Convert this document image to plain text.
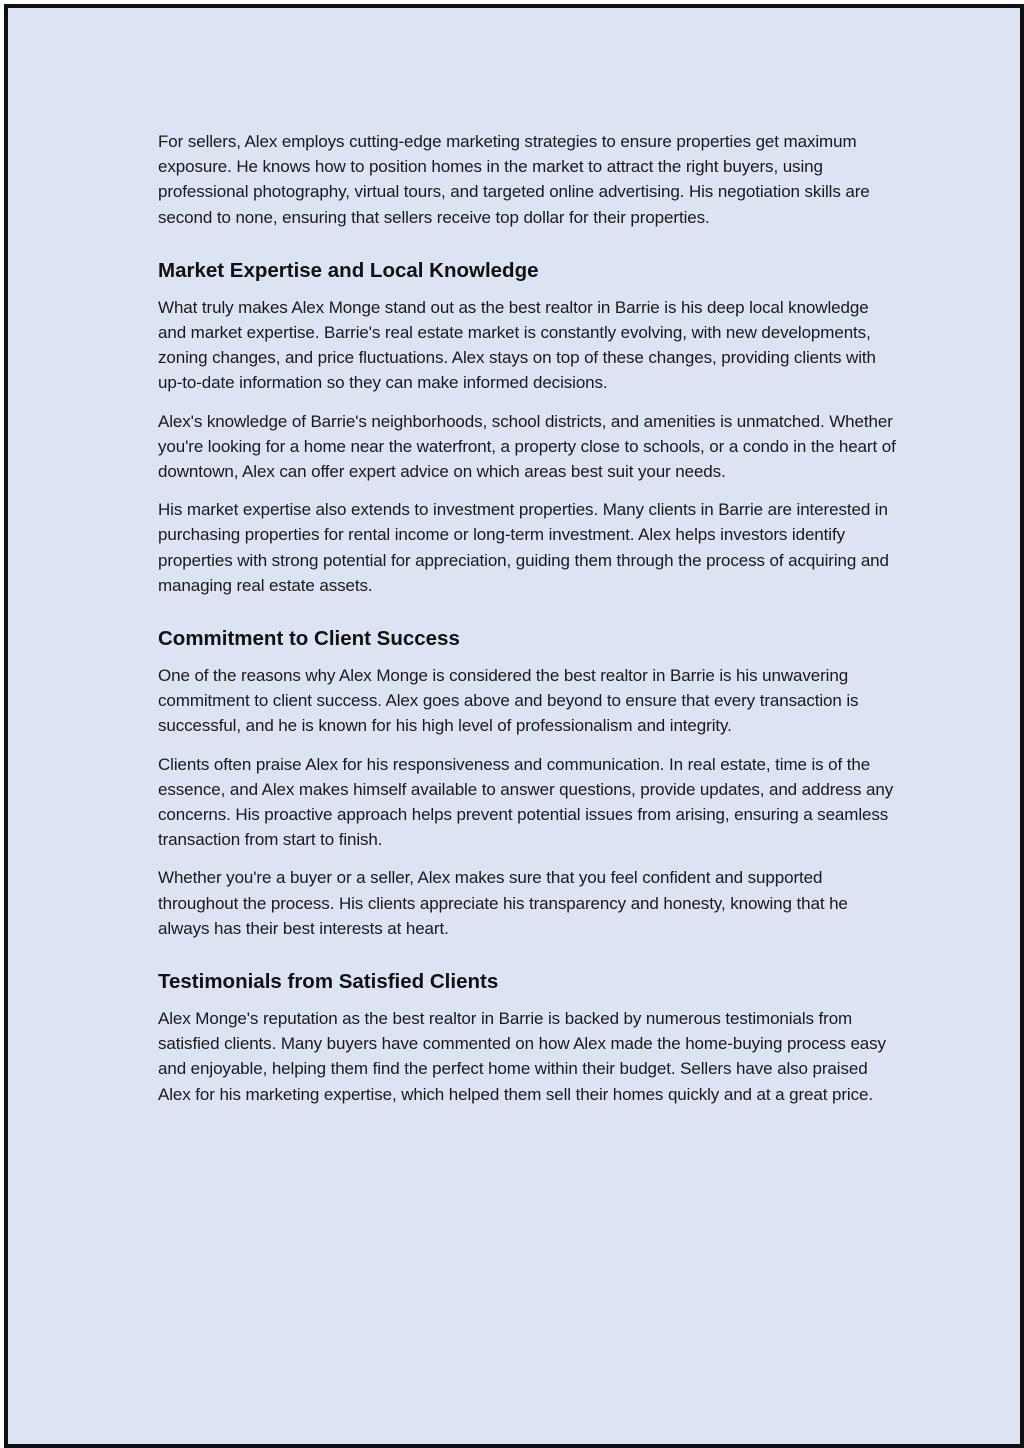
For sellers, Alex employs cutting-edge marketing strategies to ensure properties get maximum exposure. He knows how to position homes in the market to attract the right buyers, using professional photography, virtual tours, and targeted online advertising. His negotiation skills are second to none, ensuring that sellers receive top dollar for their properties.

Market Expertise and Local Knowledge

What truly makes Alex Monge stand out as the best realtor in Barrie is his deep local knowledge and market expertise. Barrie's real estate market is constantly evolving, with new developments, zoning changes, and price fluctuations. Alex stays on top of these changes, providing clients with up-to-date information so they can make informed decisions.

Alex's knowledge of Barrie's neighborhoods, school districts, and amenities is unmatched. Whether you're looking for a home near the waterfront, a property close to schools, or a condo in the heart of downtown, Alex can offer expert advice on which areas best suit your needs.

His market expertise also extends to investment properties. Many clients in Barrie are interested in purchasing properties for rental income or long-term investment. Alex helps investors identify properties with strong potential for appreciation, guiding them through the process of acquiring and managing real estate assets.

Commitment to Client Success

One of the reasons why Alex Monge is considered the best realtor in Barrie is his unwavering commitment to client success. Alex goes above and beyond to ensure that every transaction is successful, and he is known for his high level of professionalism and integrity.

Clients often praise Alex for his responsiveness and communication. In real estate, time is of the essence, and Alex makes himself available to answer questions, provide updates, and address any concerns. His proactive approach helps prevent potential issues from arising, ensuring a seamless transaction from start to finish.

Whether you're a buyer or a seller, Alex makes sure that you feel confident and supported throughout the process. His clients appreciate his transparency and honesty, knowing that he always has their best interests at heart.

Testimonials from Satisfied Clients

Alex Monge's reputation as the best realtor in Barrie is backed by numerous testimonials from satisfied clients. Many buyers have commented on how Alex made the home-buying process easy and enjoyable, helping them find the perfect home within their budget. Sellers have also praised Alex for his marketing expertise, which helped them sell their homes quickly and at a great price.
